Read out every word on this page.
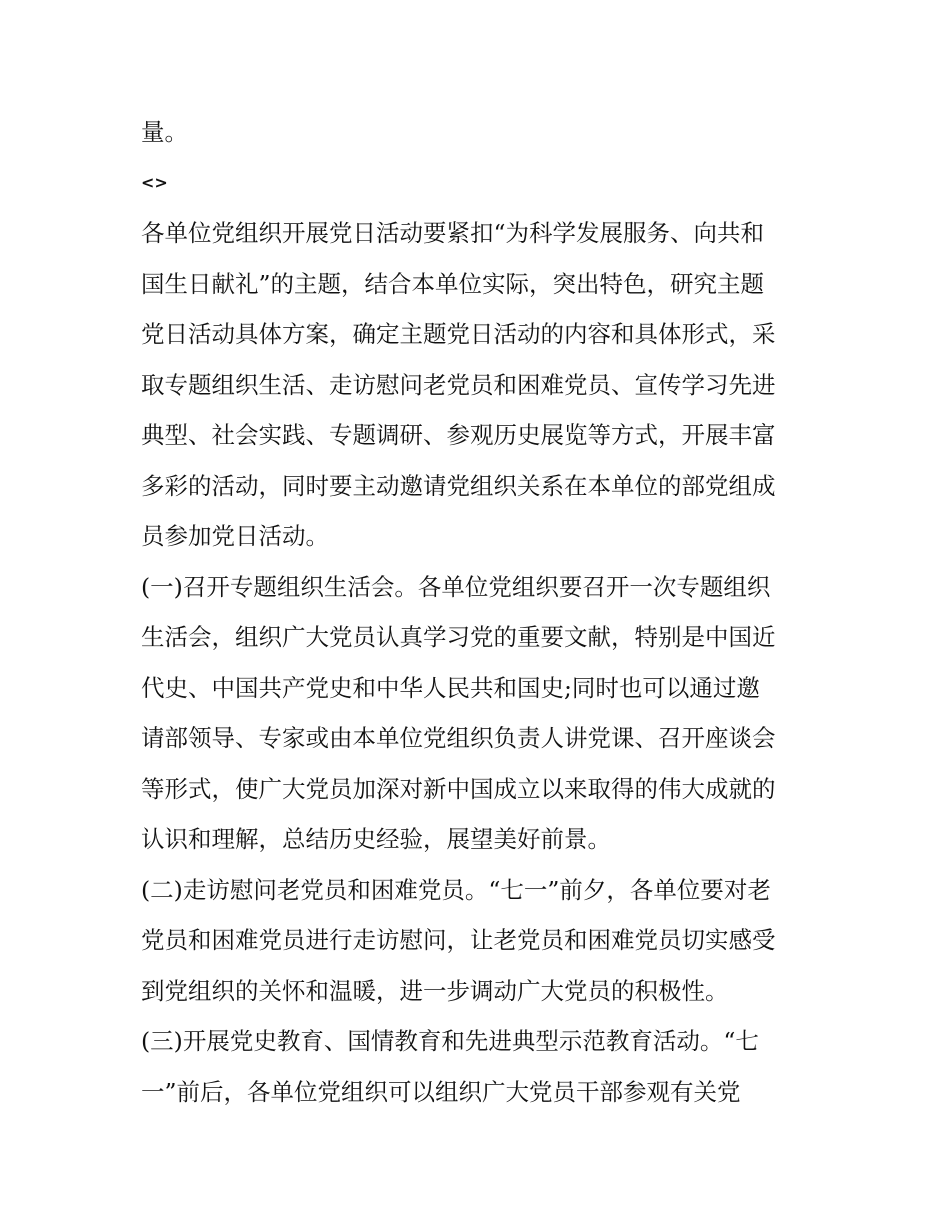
量。
<>
各单位党组织开展党日活动要紧扣“为科学发展服务、向共和
国生日献礼”的主题，结合本单位实际，突出特色，研究主题
党日活动具体方案，确定主题党日活动的内容和具体形式，采
取专题组织生活、走访慰问老党员和困难党员、宣传学习先进
典型、社会实践、专题调研、参观历史展览等方式，开展丰富
多彩的活动，同时要主动邀请党组织关系在本单位的部党组成
员参加党日活动。
(一)召开专题组织生活会。各单位党组织要召开一次专题组织
生活会，组织广大党员认真学习党的重要文献，特别是中国近
代史、中国共产党史和中华人民共和国史;同时也可以通过邀
请部领导、专家或由本单位党组织负责人讲党课、召开座谈会
等形式，使广大党员加深对新中国成立以来取得的伟大成就的
认识和理解，总结历史经验，展望美好前景。
(二)走访慰问老党员和困难党员。“七一”前夕，各单位要对老
党员和困难党员进行走访慰问，让老党员和困难党员切实感受
到党组织的关怀和温暖，进一步调动广大党员的积极性。
(三)开展党史教育、国情教育和先进典型示范教育活动。“七
一”前后，各单位党组织可以组织广大党员干部参观有关党
